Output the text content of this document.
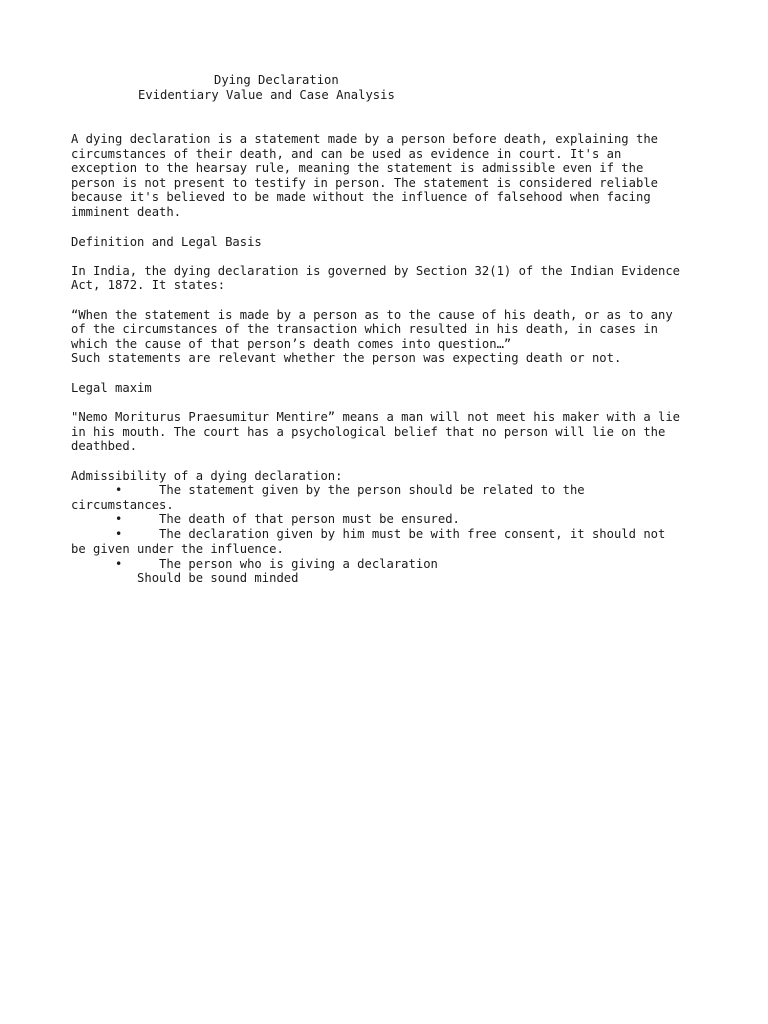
Dying Declaration
Evidentiary Value and Case Analysis
A dying declaration is a statement made by a person before death, explaining the
circumstances of their death, and can be used as evidence in court. It's an
exception to the hearsay rule, meaning the statement is admissible even if the
person is not present to testify in person. The statement is considered reliable
because it's believed to be made without the influence of falsehood when facing
imminent death.
Definition and Legal Basis
In India, the dying declaration is governed by Section 32(1) of the Indian Evidence
Act, 1872. It states:
“When the statement is made by a person as to the cause of his death, or as to any
of the circumstances of the transaction which resulted in his death, in cases in
which the cause of that person’s death comes into question…”
Such statements are relevant whether the person was expecting death or not.
Legal maxim
"Nemo Moriturus Praesumitur Mentire” means a man will not meet his maker with a lie
in his mouth. The court has a psychological belief that no person will lie on the
deathbed.
Admissibility of a dying declaration:
•     The statement given by the person should be related to the
circumstances.
•     The death of that person must be ensured.
•     The declaration given by him must be with free consent, it should not
be given under the influence.
•     The person who is giving a declaration
Should be sound minded
